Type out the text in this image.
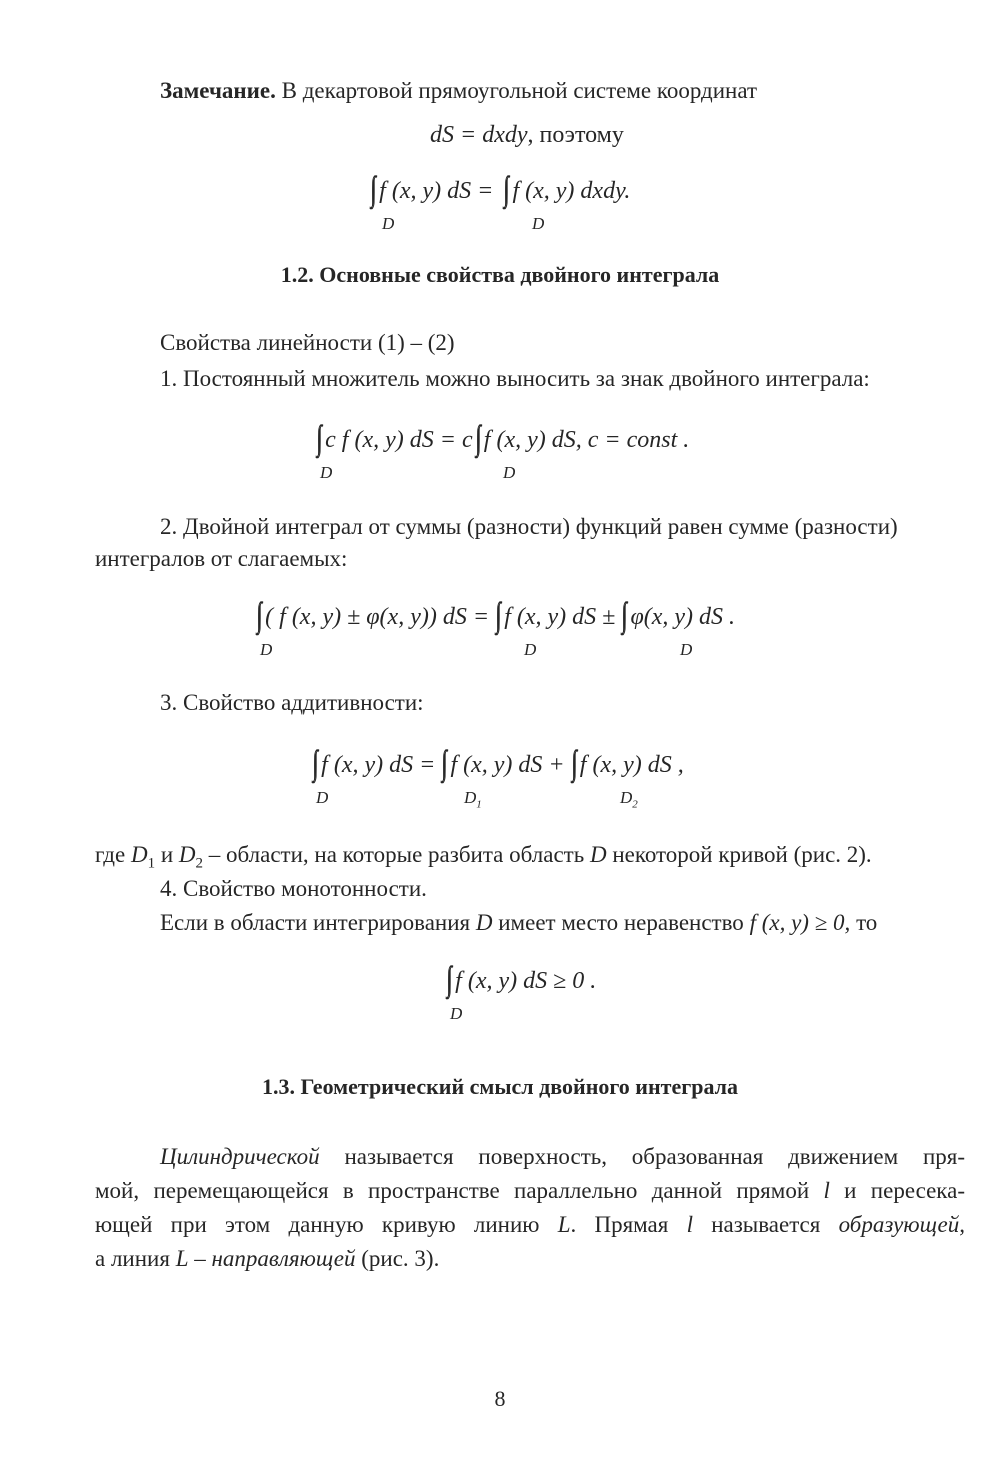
Замечание. В декартовой прямоугольной системе координат
dS = dxdy, поэтому
∫∫ f (x, y) dS = ∫∫ f (x, y) dxdy.
D	D
1.2. Основные свойства двойного интеграла
Свойства линейности (1) – (2)
1. Постоянный множитель можно выносить за знак двойного интеграла:
∫∫ c f (x, y) dS = c ∫∫ f (x, y) dS, c = const .
D	D
2. Двойной интеграл от суммы (разности) функций равен сумме (разности)
интегралов от слагаемых:
∫∫ ( f (x, y) ± φ(x, y)) dS = ∫∫ f (x, y) dS ± ∫∫ φ(x, y) dS .
D	D	D
3. Свойство аддитивности:
∫∫ f (x, y) dS = ∫∫ f (x, y) dS + ∫∫ f (x, y) dS ,
D	$D_1$	$D_2$
где $D_1$ и $D_2$ – области, на которые разбита область D некоторой кривой (рис. 2).
4. Свойство монотонности.
Если в области интегрирования D имеет место неравенство f (x, y) ≥ 0, то
∫∫ f (x, y) dS ≥ 0 .
D
1.3. Геометрический смысл двойного интеграла
Цилиндрической называется поверхность, образованная движением пря-
мой, перемещающейся в пространстве параллельно данной прямой l и пересека-
ющей при этом данную кривую линию L. Прямая l называется образующей,
а линия L – направляющей (рис. 3).
8
